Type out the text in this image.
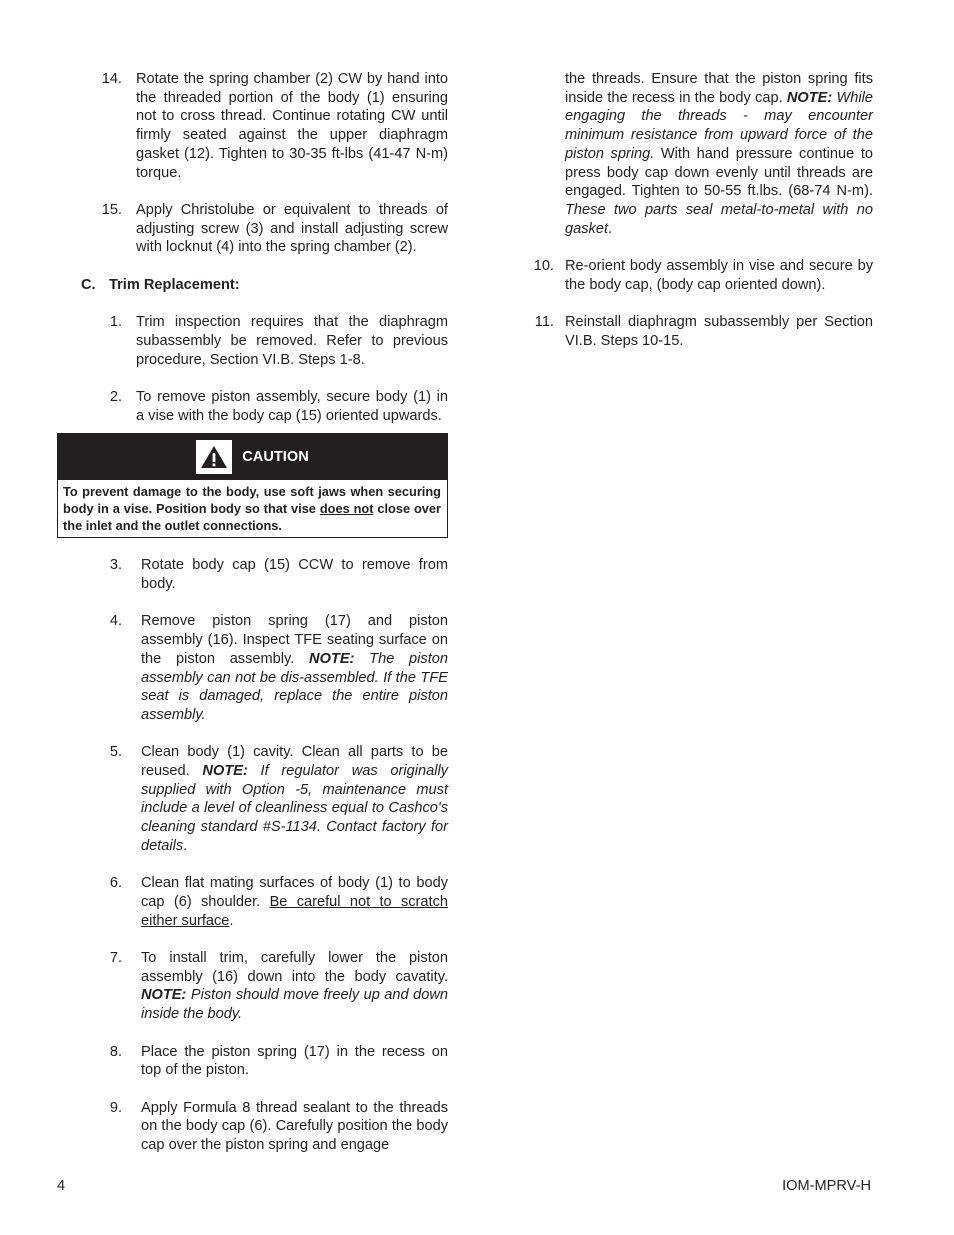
14. Rotate the spring chamber (2) CW by hand into the threaded portion of the body (1) ensuring not to cross thread. Continue rotating CW until firmly seated against the upper diaphragm gasket (12). Tighten to 30-35 ft-lbs (41-47 N-m) torque.
15. Apply Christolube or equivalent to threads of adjusting screw (3) and install adjusting screw with locknut (4) into the spring chamber (2).
C. Trim Replacement:
1. Trim inspection requires that the diaphragm subassembly be removed. Refer to previous procedure, Section VI.B. Steps 1-8.
2. To remove piston assembly, secure body (1) in a vise with the body cap (15) oriented upwards.
CAUTION
To prevent damage to the body, use soft jaws when securing body in a vise. Position body so that vise does not close over the inlet and the outlet connections.
3.	Rotate body cap (15) CCW to remove from body.
4.	Remove piston spring (17) and piston assembly (16). Inspect TFE seating surface on the piston assembly. NOTE: The piston assembly can not be dis-assembled. If the TFE seat is damaged, replace the entire piston assembly.
5.	Clean body (1) cavity. Clean all parts to be reused. NOTE: If regulator was originally supplied with Option -5, maintenance must include a level of cleanliness equal to Cashco's cleaning standard #S-1134. Contact factory for details.
6.	Clean flat mating surfaces of body (1) to body cap (6) shoulder. Be careful not to scratch either surface.
7.	To install trim, carefully lower the piston assembly (16) down into the body cavatity. NOTE: Piston should move freely up and down inside the body.
8.	Place the piston spring (17) in the recess on top of the piston.
9.	Apply Formula 8 thread sealant to the threads on the body cap (6). Carefully position the body cap over the piston spring and engage
the threads. Ensure that the piston spring fits inside the recess in the body cap. NOTE: While engaging the threads - may encounter minimum resistance from upward force of the piston spring. With hand pressure continue to press body cap down evenly until threads are engaged. Tighten to 50-55 ft.lbs. (68-74 N-m). These two parts seal metal-to-metal with no gasket.
10. Re-orient body assembly in vise and secure by the body cap, (body cap oriented down).
11. Reinstall diaphragm subassembly per Section VI.B. Steps 10-15.
4	IOM-MPRV-H
